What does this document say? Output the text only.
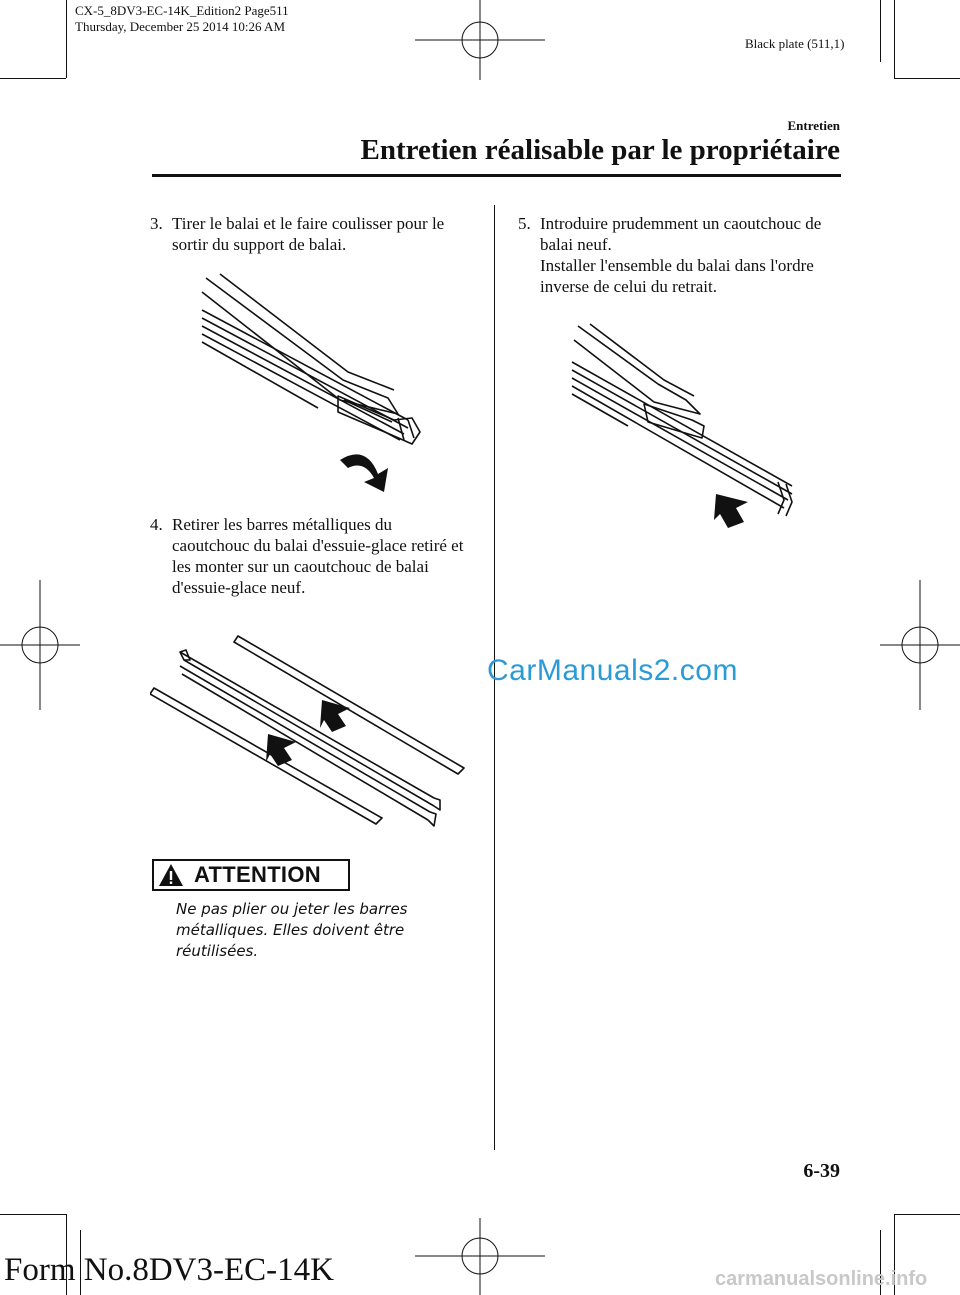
CX-5_8DV3-EC-14K_Edition2 Page511
Thursday, December 25 2014 10:26 AM
Black plate (511,1)
Entretien
Entretien réalisable par le propriétaire
3. Tirer le balai et le faire coulisser pour le sortir du support de balai.
4. Retirer les barres métalliques du caoutchouc du balai d'essuie-glace retiré et les monter sur un caoutchouc de balai d'essuie-glace neuf.
ATTENTION
Ne pas plier ou jeter les barres métalliques. Elles doivent être réutilisées.
CarManuals2.com
5. Introduire prudemment un caoutchouc de balai neuf.
Installer l'ensemble du balai dans l'ordre inverse de celui du retrait.
6-39
Form No.8DV3-EC-14K	carmanualsonline.info
